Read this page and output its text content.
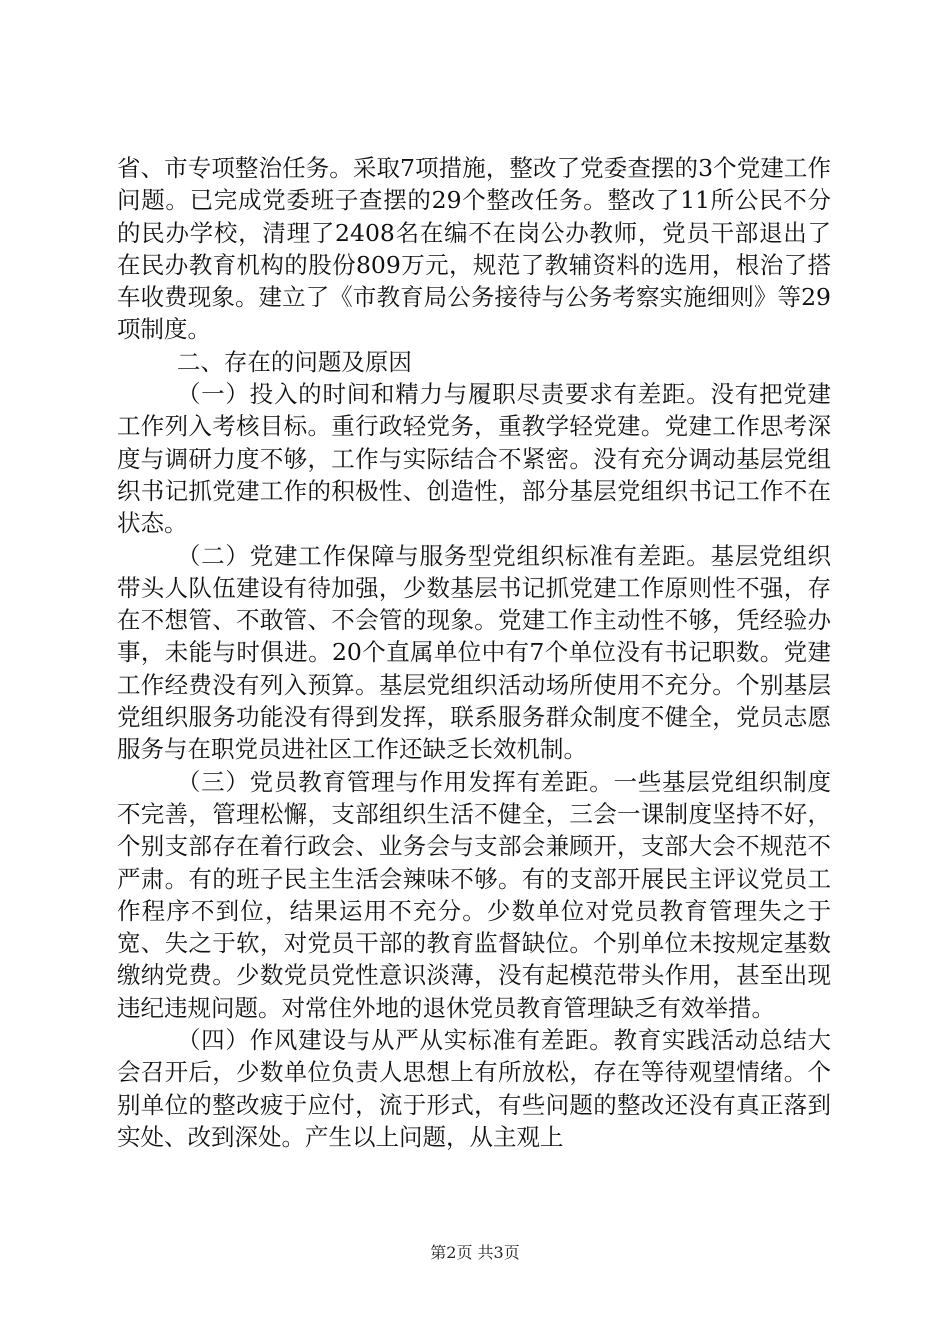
省、市专项整治任务。采取7项措施，整改了党委查摆的3个党建工作问题。已完成党委班子查摆的29个整改任务。整改了11所公民不分的民办学校，清理了2408名在编不在岗公办教师，党员干部退出了在民办教育机构的股份809万元，规范了教辅资料的选用，根治了搭车收费现象。建立了《市教育局公务接待与公务考察实施细则》等29项制度。

二、存在的问题及原因

（一）投入的时间和精力与履职尽责要求有差距。没有把党建工作列入考核目标。重行政轻党务，重教学轻党建。党建工作思考深度与调研力度不够，工作与实际结合不紧密。没有充分调动基层党组织书记抓党建工作的积极性、创造性，部分基层党组织书记工作不在状态。

（二）党建工作保障与服务型党组织标准有差距。基层党组织带头人队伍建设有待加强，少数基层书记抓党建工作原则性不强，存在不想管、不敢管、不会管的现象。党建工作主动性不够，凭经验办事，未能与时俱进。20个直属单位中有7个单位没有书记职数。党建工作经费没有列入预算。基层党组织活动场所使用不充分。个别基层党组织服务功能没有得到发挥，联系服务群众制度不健全，党员志愿服务与在职党员进社区工作还缺乏长效机制。

（三）党员教育管理与作用发挥有差距。一些基层党组织制度不完善，管理松懈，支部组织生活不健全，三会一课制度坚持不好，个别支部存在着行政会、业务会与支部会兼顾开，支部大会不规范不严肃。有的班子民主生活会辣味不够。有的支部开展民主评议党员工作程序不到位，结果运用不充分。少数单位对党员教育管理失之于宽、失之于软，对党员干部的教育监督缺位。个别单位未按规定基数缴纳党费。少数党员党性意识淡薄，没有起模范带头作用，甚至出现违纪违规问题。对常住外地的退休党员教育管理缺乏有效举措。

（四）作风建设与从严从实标准有差距。教育实践活动总结大会召开后，少数单位负责人思想上有所放松，存在等待观望情绪。个别单位的整改疲于应付，流于形式，有些问题的整改还没有真正落到实处、改到深处。产生以上问题，从主观上

第2页 共3页
